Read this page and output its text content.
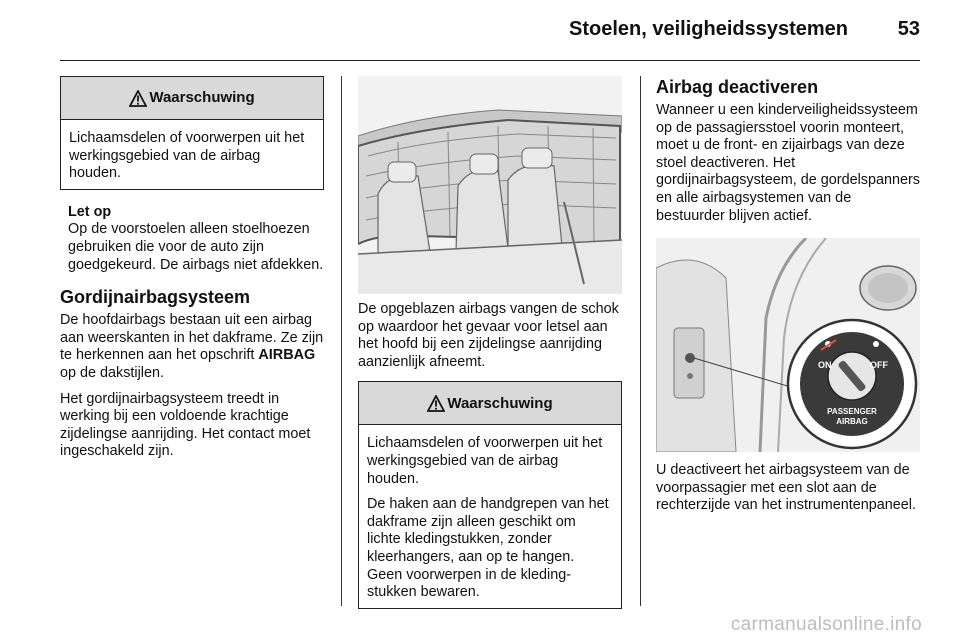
Stoelen, veiligheidssystemen 53
Waarschuwing

Lichaamsdelen of voorwerpen uit het werkingsgebied van de airbag houden.

Let op
Op de voorstoelen alleen stoelhoezen gebruiken die voor de auto zijn goedgekeurd. De airbags niet afdekken.
Gordijnairbagsysteem

De hoofdairbags bestaan uit een airbag aan weerskanten in het dakframe. Ze zijn te herkennen aan het opschrift AIRBAG op de dakstijlen.

Het gordijnairbagsysteem treedt in werking bij een voldoende krachtige zijdelingse aanrijding. Het contact moet ingeschakeld zijn.

De opgeblazen airbags vangen de schok op waardoor het gevaar voor letsel aan het hoofd bij een zijdelingse aanrijding aanzienlijk afneemt.

Waarschuwing

Lichaamsdelen of voorwerpen uit het werkingsgebied van de airbag houden.

De haken aan de handgrepen van het dakframe zijn alleen geschikt om lichte kledingstukken, zonder kleerhangers, aan op te hangen. Geen voorwerpen in de kledingstukken bewaren.

Airbag deactiveren

Wanneer u een kinderveiligheidssysteem op de passagiersstoel voorin monteert, moet u de front- en zijairbags van deze stoel deactiveren. Het gordijnairbagsysteem, de gordelspanners en alle airbagsystemen van de bestuurder blijven actief.

ON	OFF
PASSENGER
AIRBAG

U deactiveert het airbagsysteem van de voorpassagier met een slot aan de rechterzijde van het instrumentenpaneel.

carmanualsonline.info
